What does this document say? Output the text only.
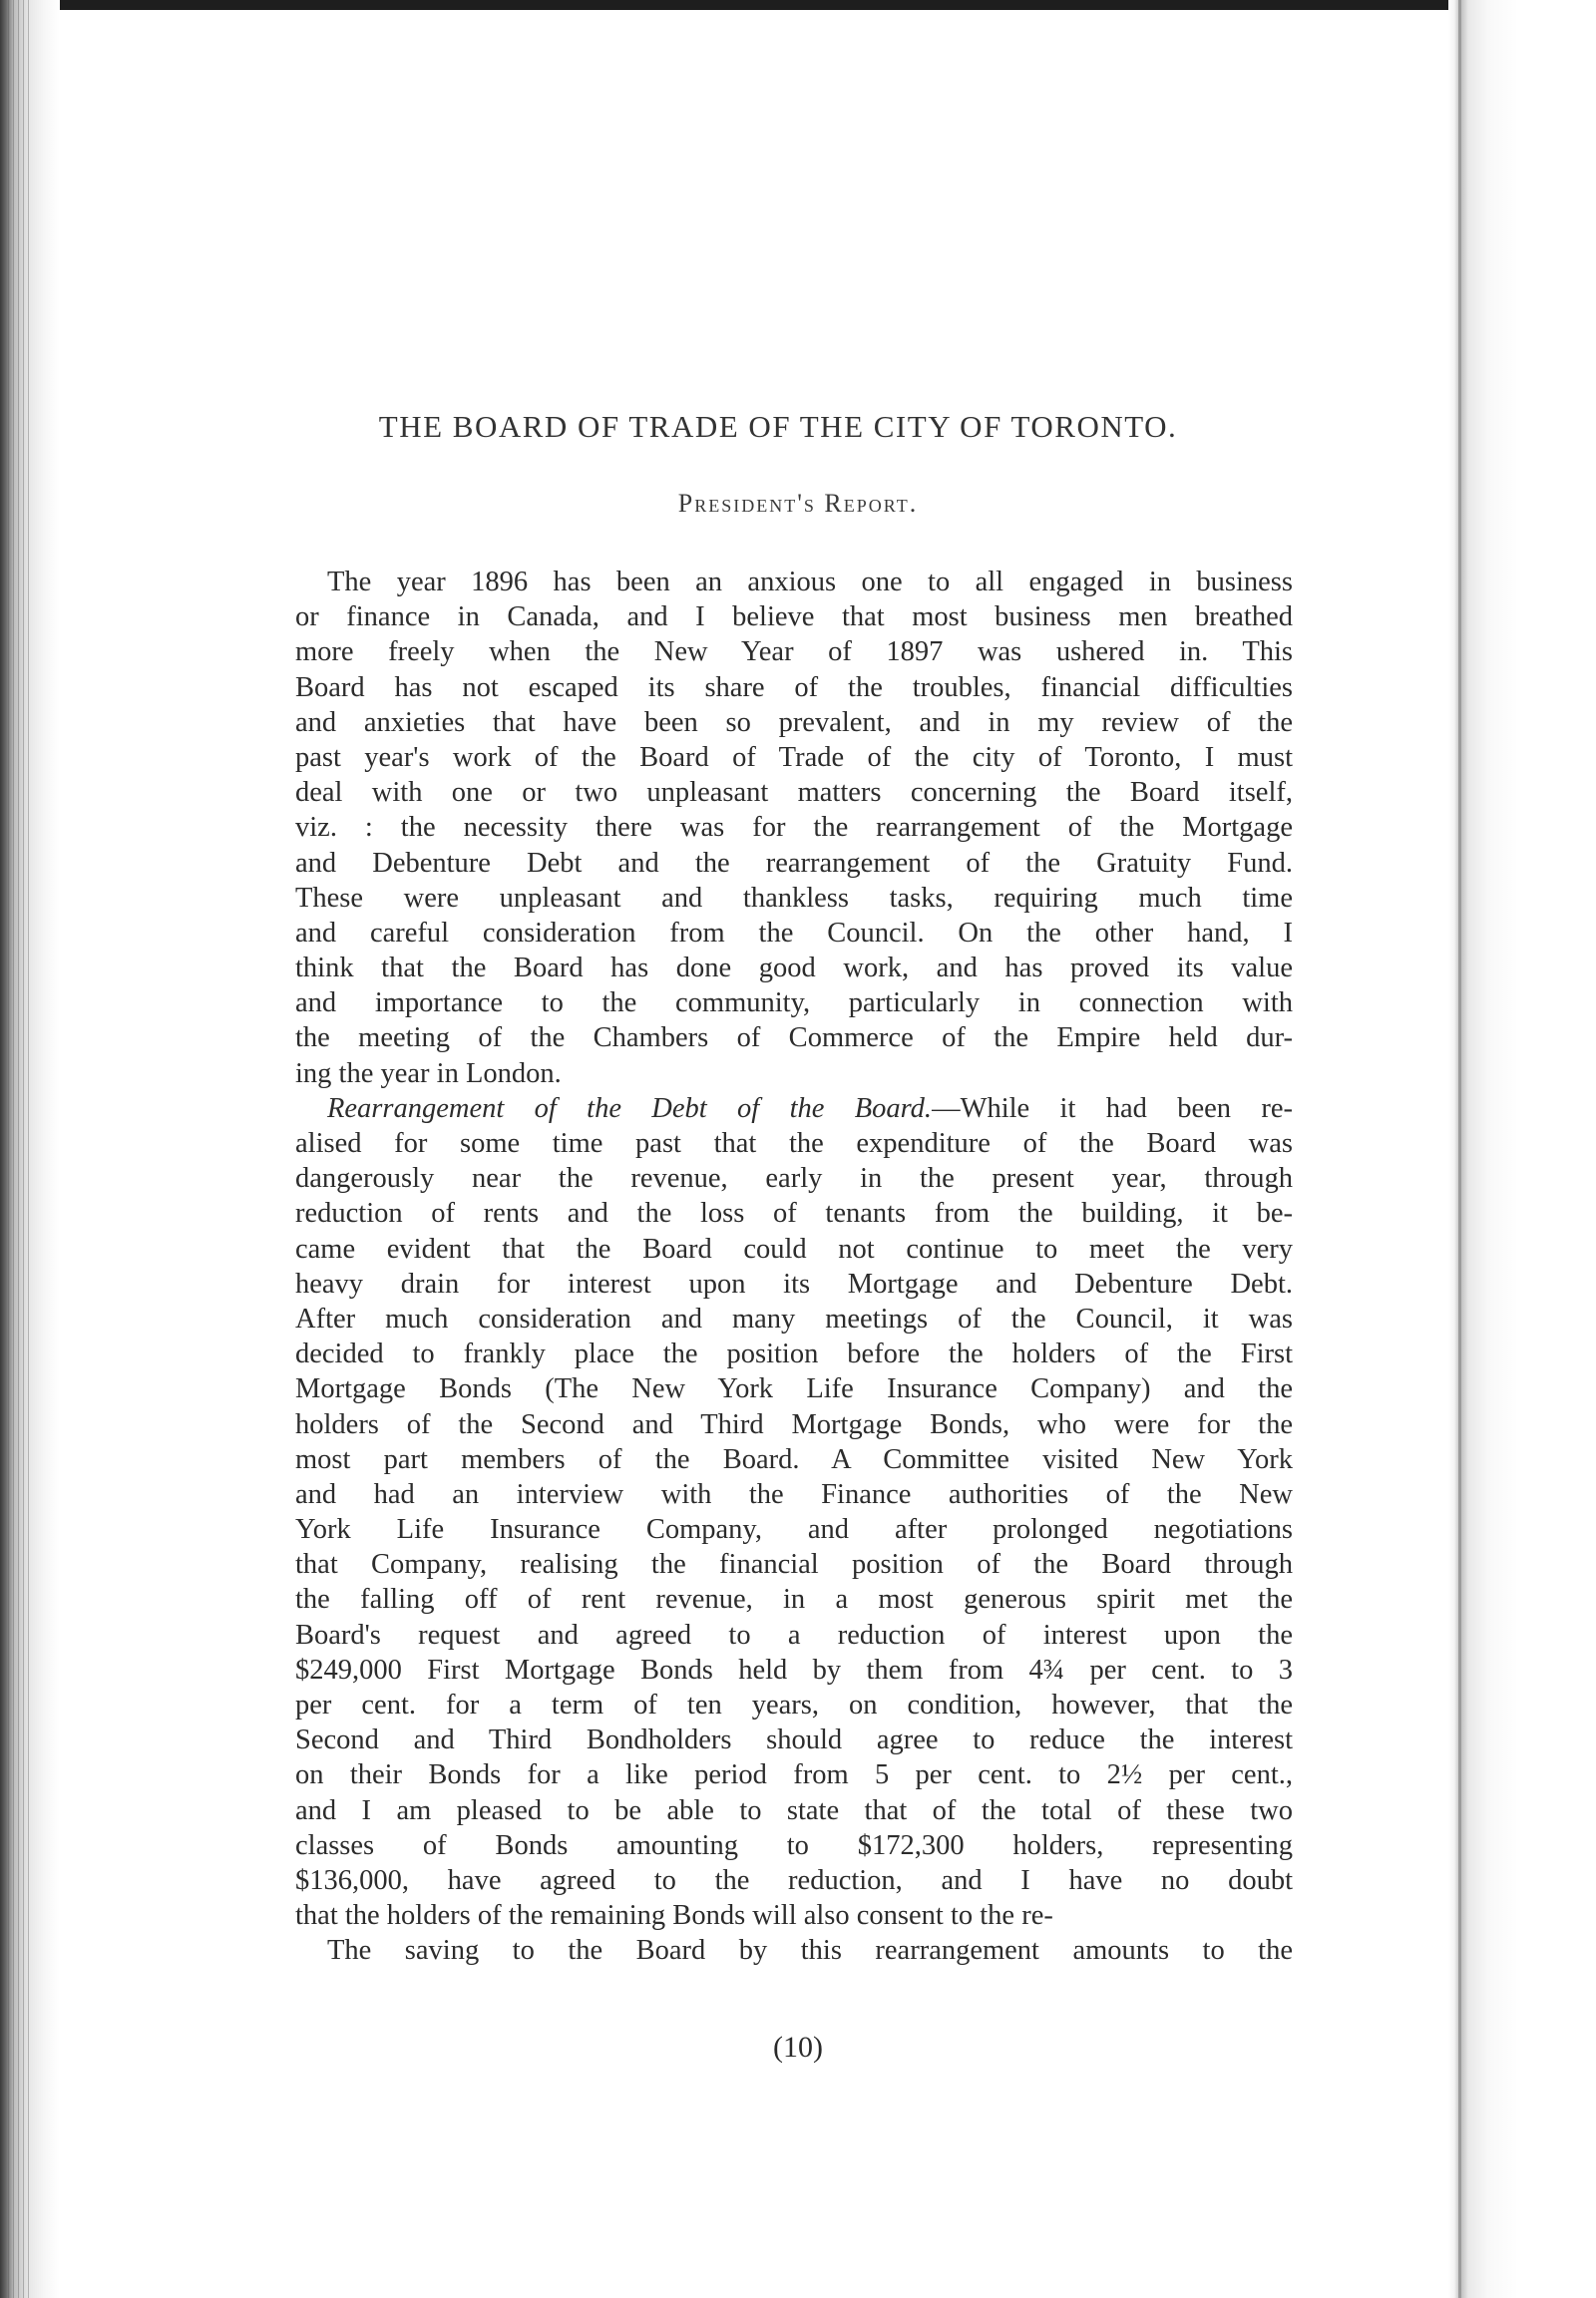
THE BOARD OF TRADE OF THE CITY OF TORONTO.
President's Report.
The year 1896 has been an anxious one to all engaged in business
or finance in Canada, and I believe that most business men breathed
more freely when the New Year of 1897 was ushered in. This
Board has not escaped its share of the troubles, financial difficulties
and anxieties that have been so prevalent, and in my review of the
past year's work of the Board of Trade of the city of Toronto, I must
deal with one or two unpleasant matters concerning the Board itself,
viz. : the necessity there was for the rearrangement of the Mortgage
and Debenture Debt and the rearrangement of the Gratuity Fund.
These were unpleasant and thankless tasks, requiring much time
and careful consideration from the Council. On the other hand, I
think that the Board has done good work, and has proved its value
and importance to the community, particularly in connection with
the meeting of the Chambers of Commerce of the Empire held dur-
ing the year in London.
Rearrangement of the Debt of the Board.—While it had been re-
alised for some time past that the expenditure of the Board was
dangerously near the revenue, early in the present year, through
reduction of rents and the loss of tenants from the building, it be-
came evident that the Board could not continue to meet the very
heavy drain for interest upon its Mortgage and Debenture Debt.
After much consideration and many meetings of the Council, it was
decided to frankly place the position before the holders of the First
Mortgage Bonds (The New York Life Insurance Company) and the
holders of the Second and Third Mortgage Bonds, who were for the
most part members of the Board. A Committee visited New York
and had an interview with the Finance authorities of the New
York Life Insurance Company, and after prolonged negotiations
that Company, realising the financial position of the Board through
the falling off of rent revenue, in a most generous spirit met the
Board's request and agreed to a reduction of interest upon the
$249,000 First Mortgage Bonds held by them from 4¾ per cent. to 3
per cent. for a term of ten years, on condition, however, that the
Second and Third Bondholders should agree to reduce the interest
on their Bonds for a like period from 5 per cent. to 2½ per cent.,
and I am pleased to be able to state that of the total of these two
classes of Bonds amounting to $172,300 holders, representing
$136,000, have agreed to the reduction, and I have no doubt
that the holders of the remaining Bonds will also consent to the re-
The saving to the Board by this rearrangement amounts to the
(10)
